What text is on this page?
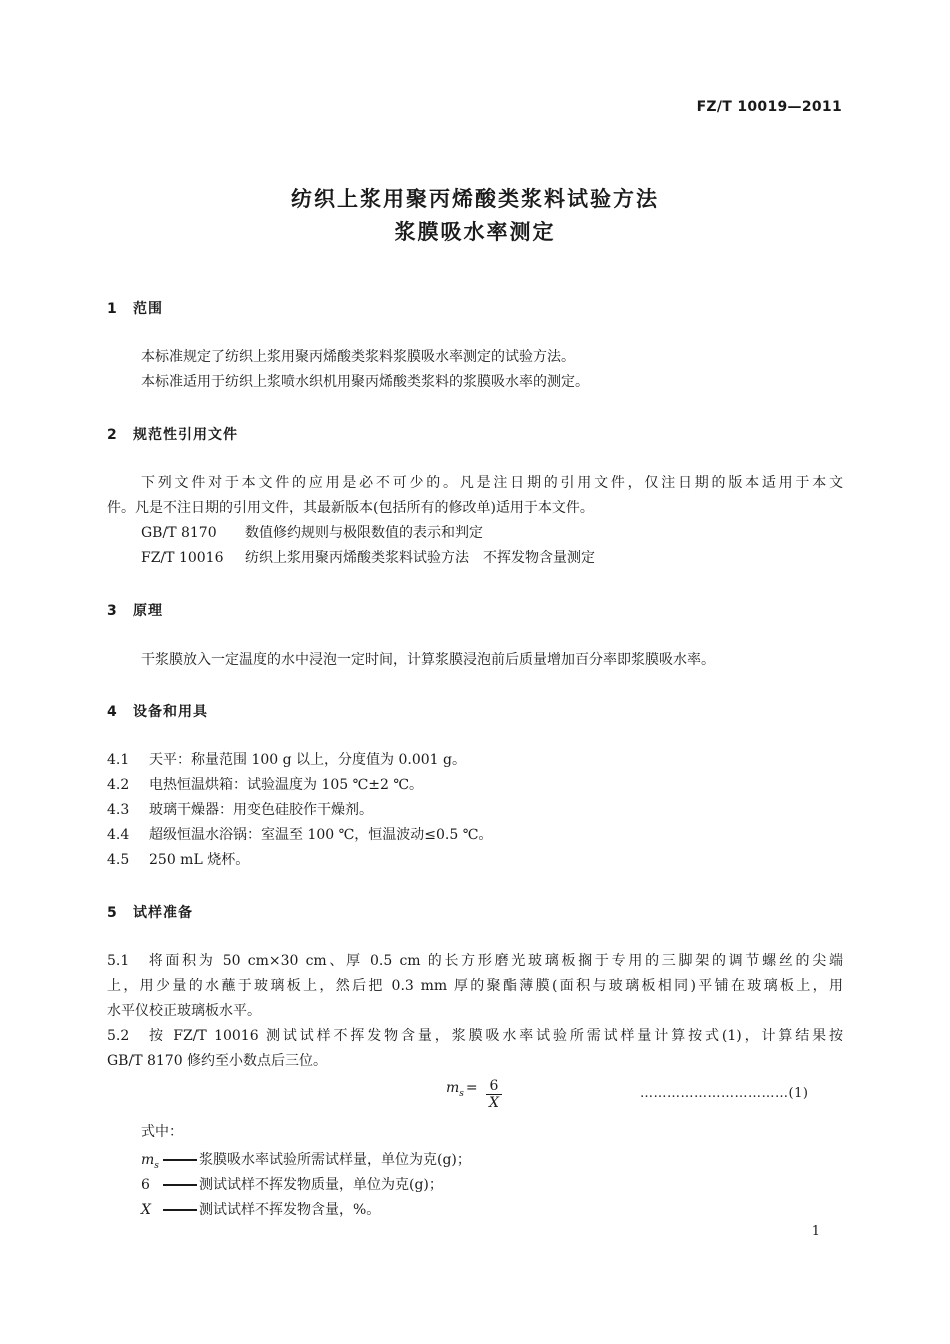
FZ/T 10019—2011
纺织上浆用聚丙烯酸类浆料试验方法
浆膜吸水率测定
1 范围
本标准规定了纺织上浆用聚丙烯酸类浆料浆膜吸水率测定的试验方法。
本标准适用于纺织上浆喷水织机用聚丙烯酸类浆料的浆膜吸水率的测定。
2 规范性引用文件
下列文件对于本文件的应用是必不可少的。凡是注日期的引用文件，仅注日期的版本适用于本文
件。凡是不注日期的引用文件，其最新版本(包括所有的修改单)适用于本文件。
GB/T 8170 数值修约规则与极限数值的表示和判定
FZ/T 10016 纺织上浆用聚丙烯酸类浆料试验方法　不挥发物含量测定
3 原理
干浆膜放入一定温度的水中浸泡一定时间，计算浆膜浸泡前后质量增加百分率即浆膜吸水率。
4 设备和用具
4.1 天平：称量范围 100 g 以上，分度值为 0.001 g。
4.2 电热恒温烘箱：试验温度为 105 ℃±2 ℃。
4.3 玻璃干燥器：用变色硅胶作干燥剂。
4.4 超级恒温水浴锅：室温至 100 ℃，恒温波动≤0.5 ℃。
4.5 250 mL 烧杯。
5 试样准备
5.1　将面积为 50 cm×30 cm、厚 0.5 cm 的长方形磨光玻璃板搁于专用的三脚架的调节螺丝的尖端
上，用少量的水蘸于玻璃板上，然后把 0.3 mm 厚的聚酯薄膜(面积与玻璃板相同)平铺在玻璃板上，用
水平仪校正玻璃板水平。
5.2　按 FZ/T 10016 测试试样不挥发物含量，浆膜吸水率试验所需试样量计算按式(1)，计算结果按
GB/T 8170 修约至小数点后三位。
$m_s = 6$
X
……………………………(1)
式中：
$m_s$	浆膜吸水率试验所需试样量，单位为克(g)；
6	测试试样不挥发物质量，单位为克(g)；
X	测试试样不挥发物含量，%。
1
